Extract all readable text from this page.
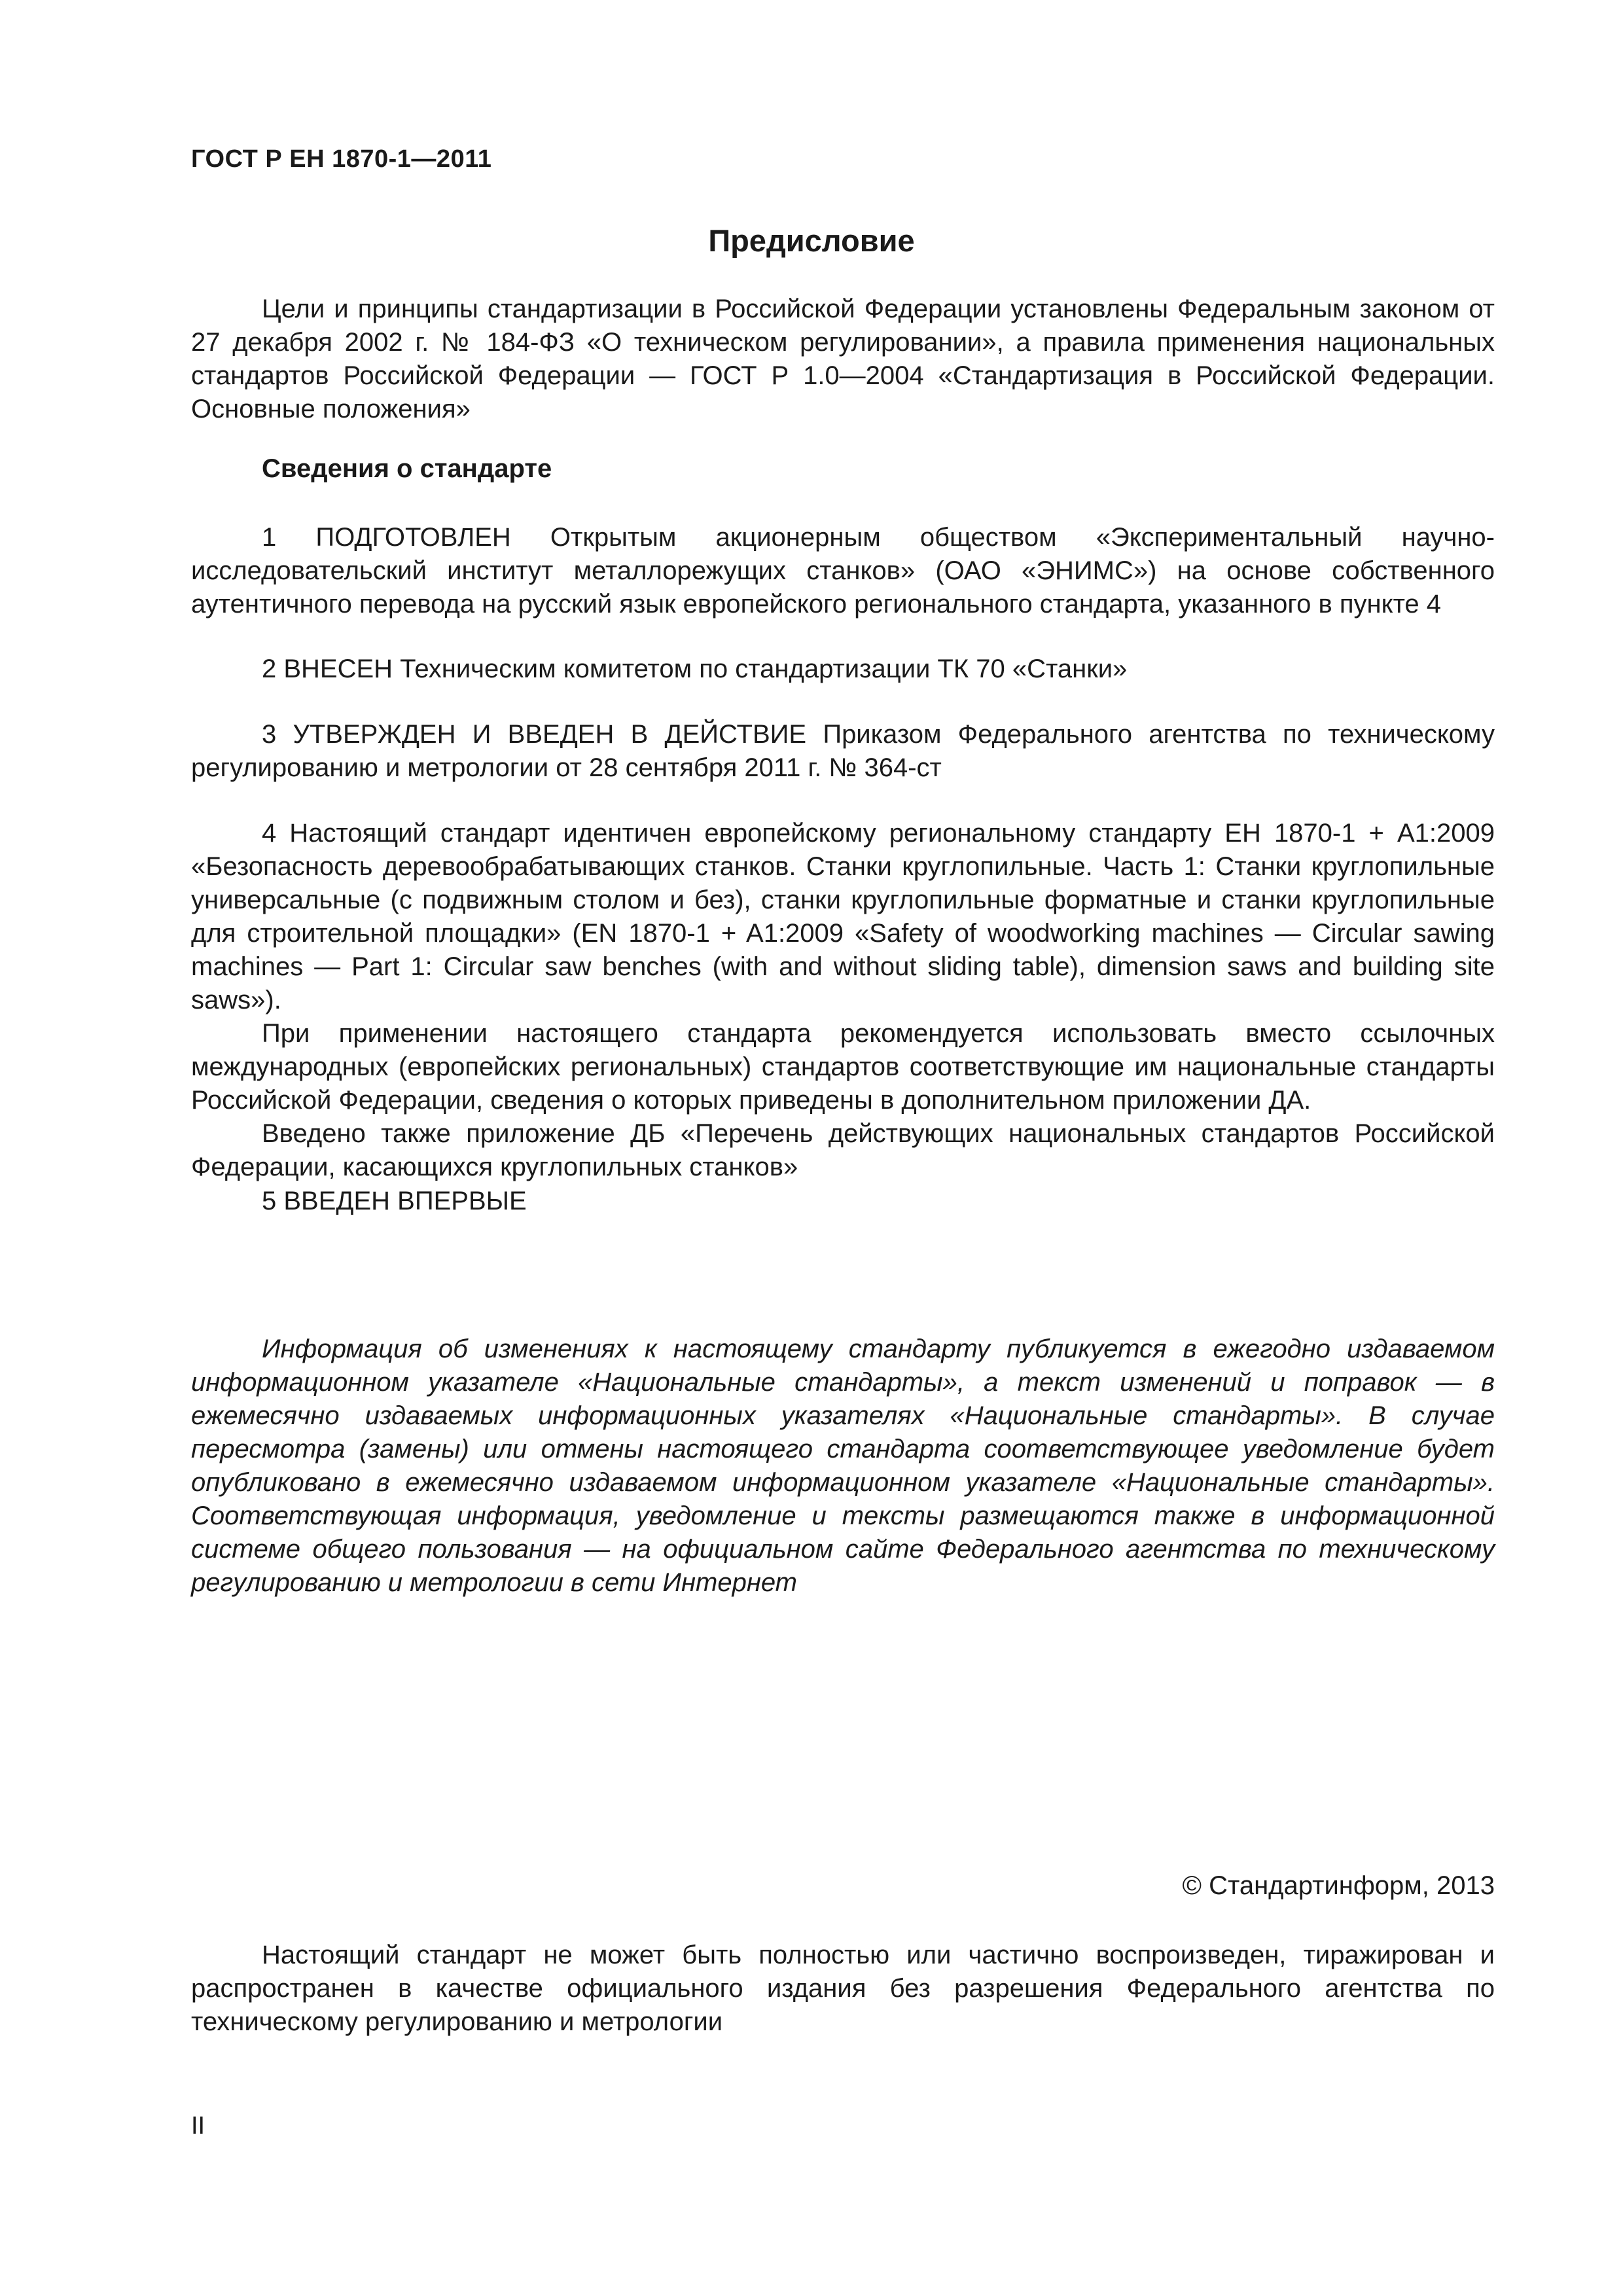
ГОСТ Р ЕН 1870-1—2011
Предисловие

Цели и принципы стандартизации в Российской Федерации установлены Федеральным законом от 27 декабря 2002 г. № 184-ФЗ «О техническом регулировании», а правила применения национальных стандартов Российской Федерации — ГОСТ Р 1.0—2004 «Стандартизация в Российской Федерации. Основные положения»

Сведения о стандарте

1 ПОДГОТОВЛЕН Открытым акционерным обществом «Экспериментальный научно-исследовательский институт металлорежущих станков» (ОАО «ЭНИМС») на основе собственного аутентичного перевода на русский язык европейского регионального стандарта, указанного в пункте 4

2 ВНЕСЕН Техническим комитетом по стандартизации ТК 70 «Станки»

3 УТВЕРЖДЕН И ВВЕДЕН В ДЕЙСТВИЕ Приказом Федерального агентства по техническому регулированию и метрологии от 28 сентября 2011 г. № 364-ст

4 Настоящий стандарт идентичен европейскому региональному стандарту ЕН 1870-1 + А1:2009 «Безопасность деревообрабатывающих станков. Станки круглопильные. Часть 1: Станки круглопильные универсальные (с подвижным столом и без), станки круглопильные форматные и станки круглопильные для строительной площадки» (EN 1870-1 + A1:2009 «Safety of woodworking machines — Circular sawing machines — Part 1: Circular saw benches (with and without sliding table), dimension saws and building site saws»).

При применении настоящего стандарта рекомендуется использовать вместо ссылочных международных (европейских региональных) стандартов соответствующие им национальные стандарты Российской Федерации, сведения о которых приведены в дополнительном приложении ДА.

Введено также приложение ДБ «Перечень действующих национальных стандартов Российской Федерации, касающихся круглопильных станков»

5 ВВЕДЕН ВПЕРВЫЕ

Информация об изменениях к настоящему стандарту публикуется в ежегодно издаваемом информационном указателе «Национальные стандарты», а текст изменений и поправок — в ежемесячно издаваемых информационных указателях «Национальные стандарты». В случае пересмотра (замены) или отмены настоящего стандарта соответствующее уведомление будет опубликовано в ежемесячно издаваемом информационном указателе «Национальные стандарты». Соответствующая информация, уведомление и тексты размещаются также в информационной системе общего пользования — на официальном сайте Федерального агентства по техническому регулированию и метрологии в сети Интернет

© Стандартинформ, 2013

Настоящий стандарт не может быть полностью или частично воспроизведен, тиражирован и распространен в качестве официального издания без разрешения Федерального агентства по техническому регулированию и метрологии

II
